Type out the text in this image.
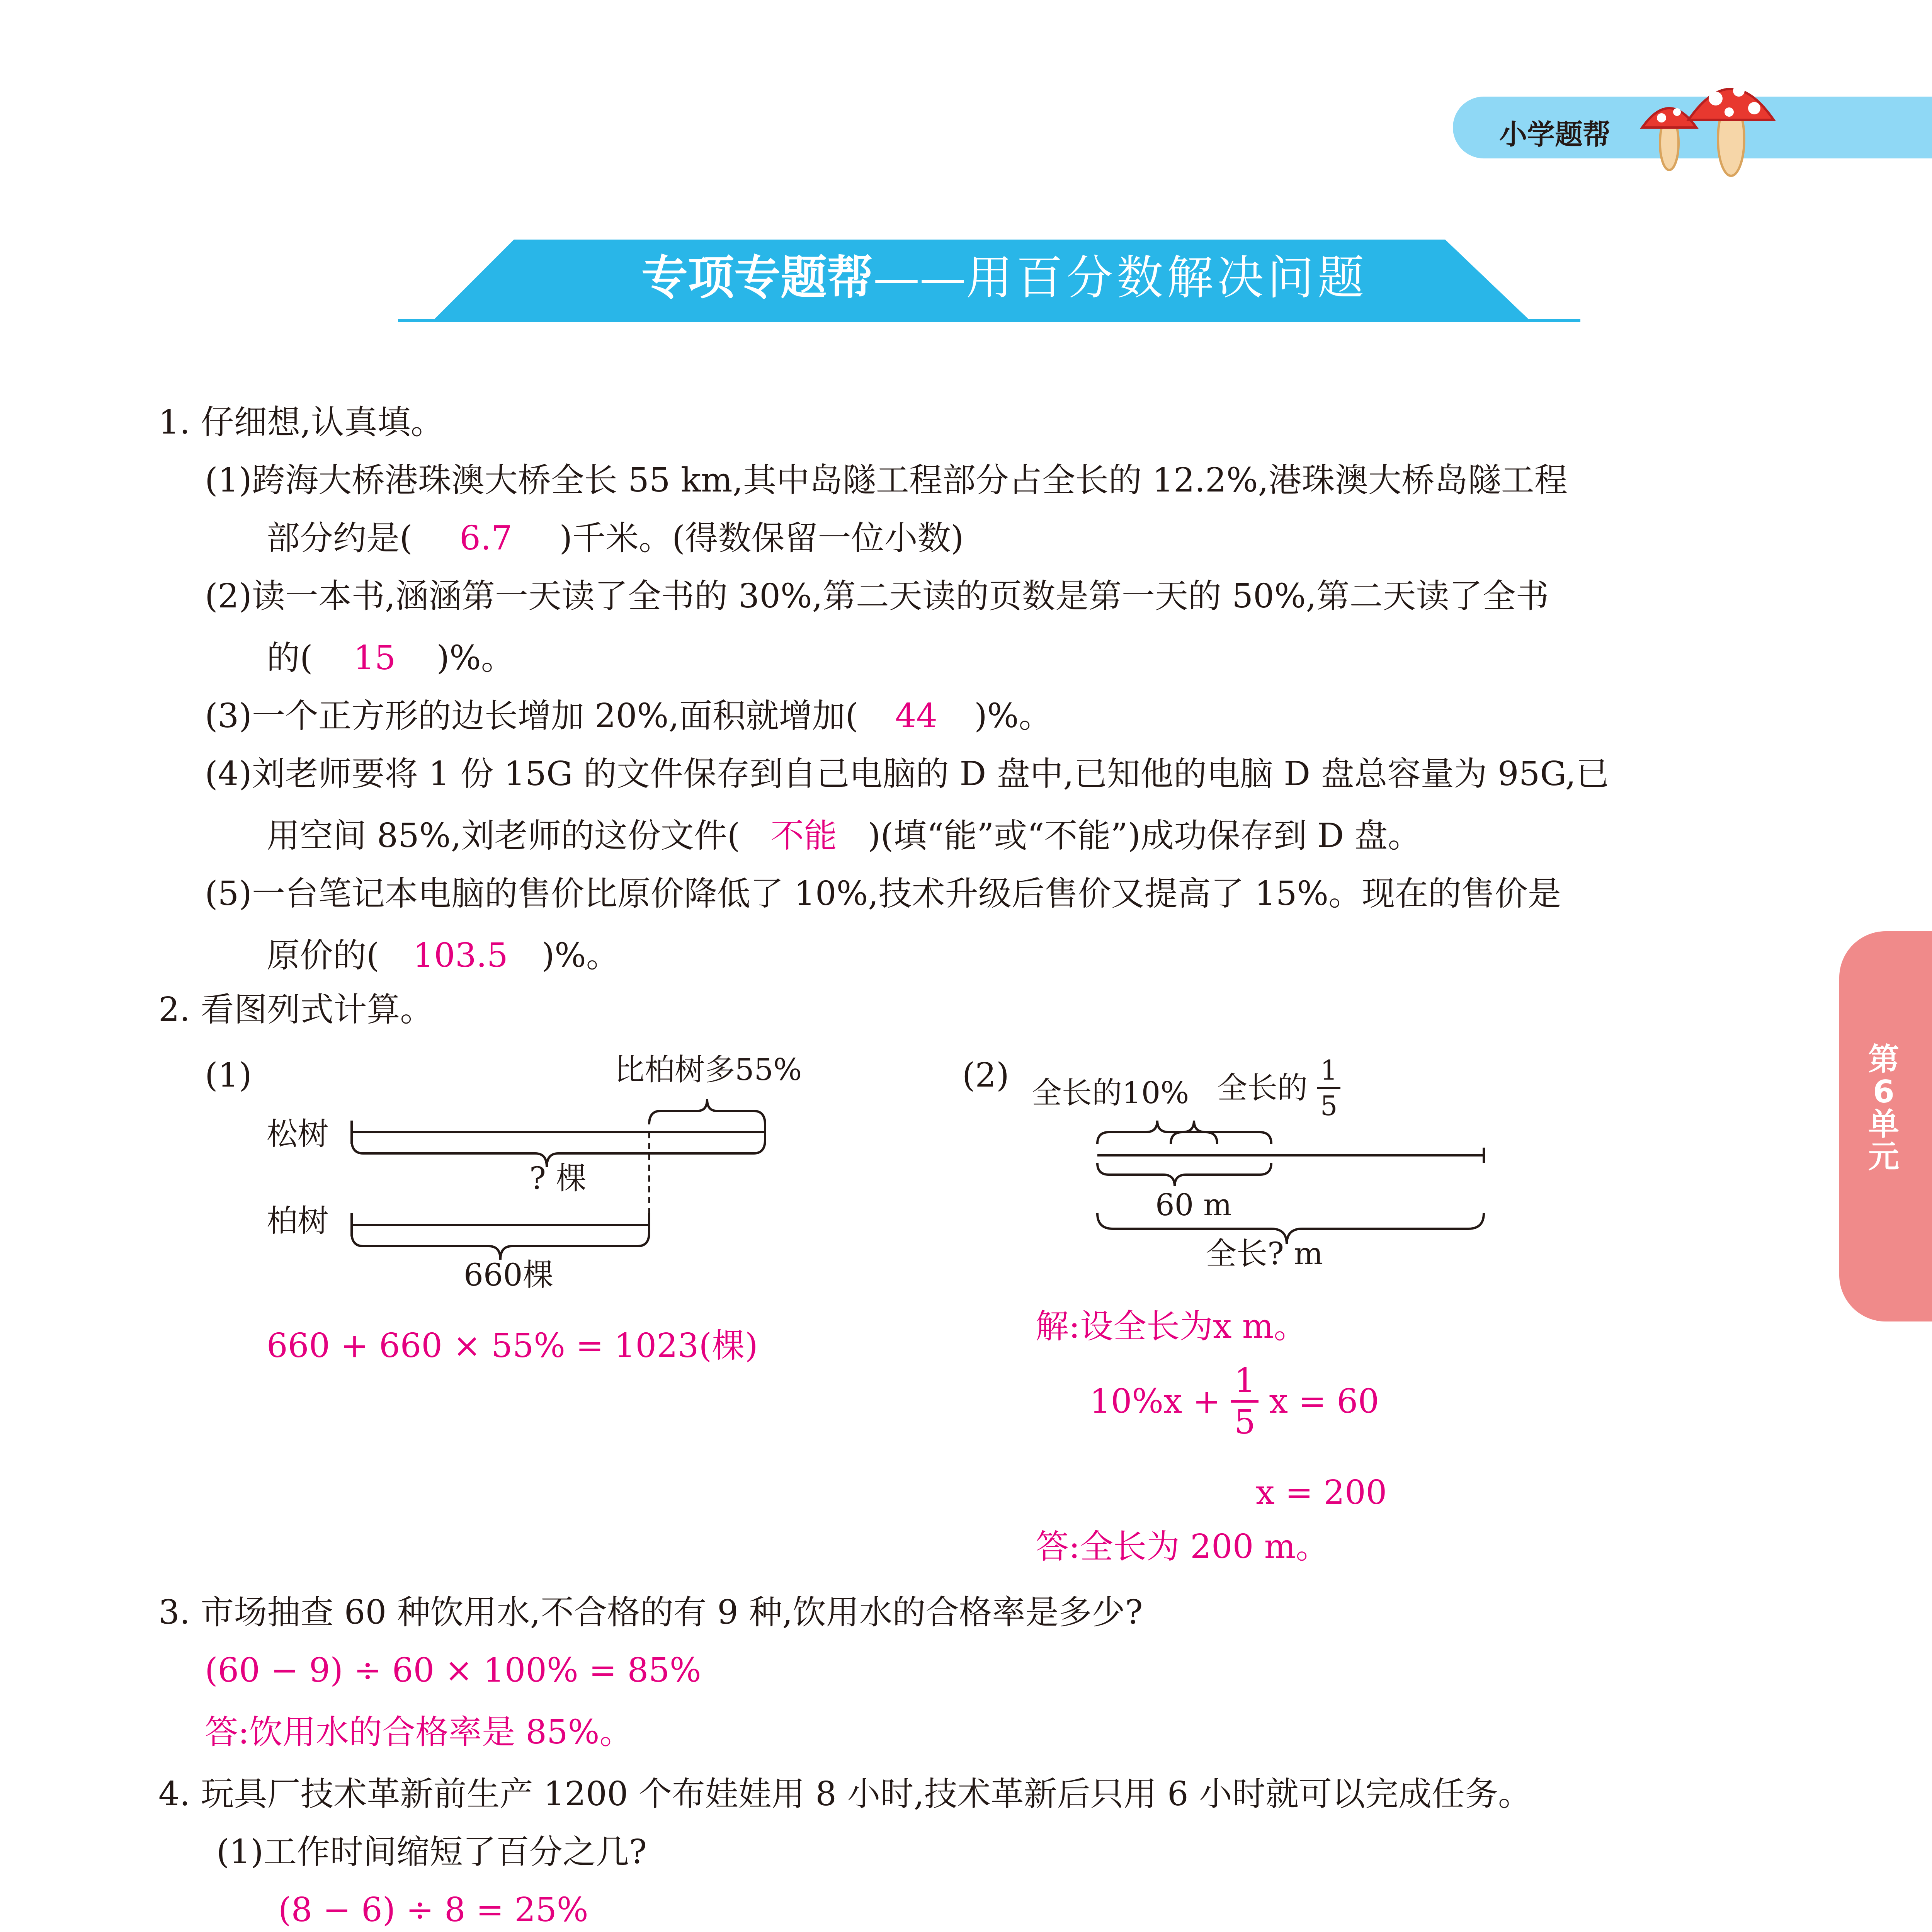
小学题帮
专项专题帮——用百分数解决问题
第
6
单
元
1. 仔细想,认真填。
(1)跨海大桥港珠澳大桥全长 55 km,其中岛隧工程部分占全长的 12.2%,港珠澳大桥岛隧工程
部分约是( 6.7 )千米。(得数保留一位小数)
(2)读一本书,涵涵第一天读了全书的 30%,第二天读的页数是第一天的 50%,第二天读了全书
的( 15 )%。
(3)一个正方形的边长增加 20%,面积就增加( 44 )%。
(4)刘老师要将 1 份 15G 的文件保存到自己电脑的 D 盘中,已知他的电脑 D 盘总容量为 95G,已
用空间 85%,刘老师的这份文件( 不能 )(填“能”或“不能”)成功保存到 D 盘。
(5)一台笔记本电脑的售价比原价降低了 10%,技术升级后售价又提高了 15%。现在的售价是
原价的( 103.5 )%。
2. 看图列式计算。
(1)	比柏树多55%
松树
? 棵
柏树
660棵
660 + 660 × 55% = 1023(棵)
(2) 全长的10% 全长的 $\frac{1}{5}$
60 m
全长? m
解:设全长为x m。
$10\%x + \frac{1}{5}$ x = 60
x = 200
答:全长为 200 m。
3. 市场抽查 60 种饮用水,不合格的有 9 种,饮用水的合格率是多少?
(60 − 9) ÷ 60 × 100% = 85%
答:饮用水的合格率是 85%。
4. 玩具厂技术革新前生产 1200 个布娃娃用 8 小时,技术革新后只用 6 小时就可以完成任务。
(1)工作时间缩短了百分之几?
(8 − 6) ÷ 8 = 25%
